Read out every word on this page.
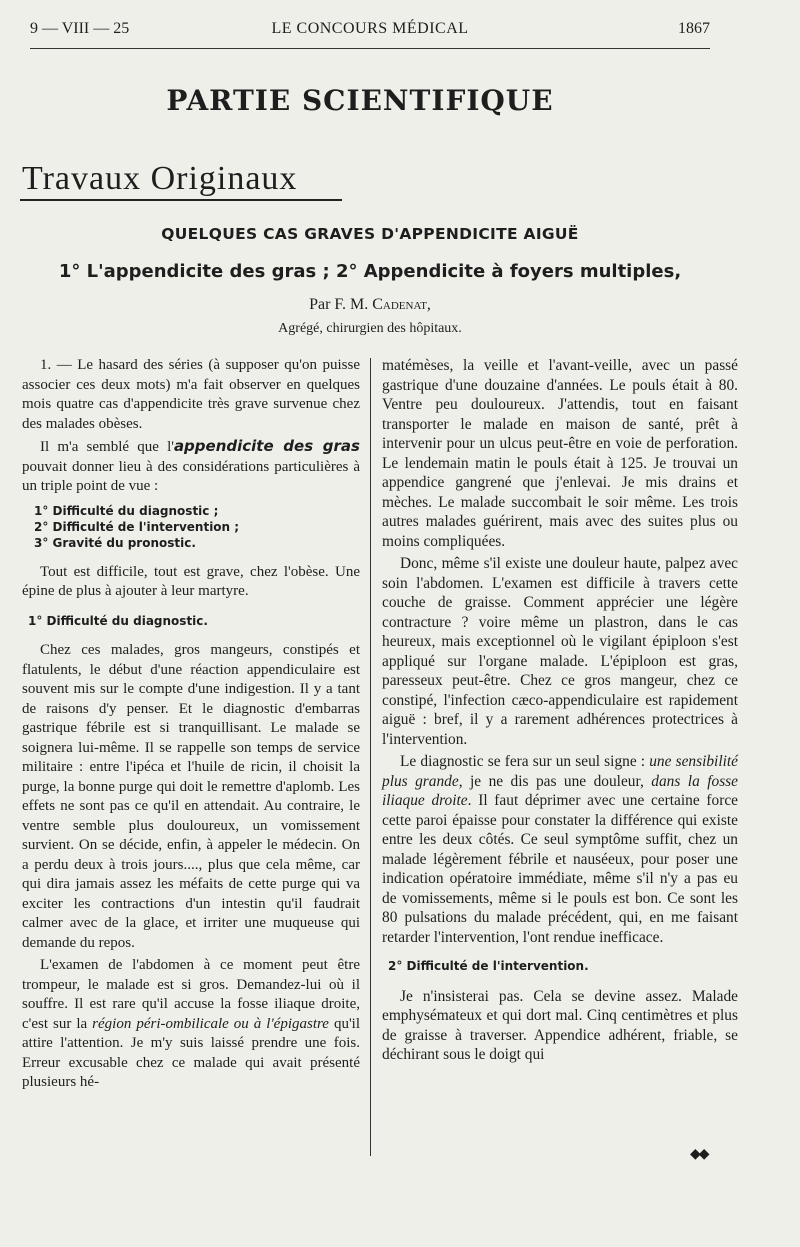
9 — VIII — 25	LE CONCOURS MÉDICAL	1867
PARTIE SCIENTIFIQUE
Travaux Originaux
QUELQUES CAS GRAVES D'APPENDICITE AIGUË
1° L'appendicite des gras ; 2° Appendicite à foyers multiples,
Par F. M. Cadenat,
Agrégé, chirurgien des hôpitaux.

1. — Le hasard des séries (à supposer qu'on puisse associer ces deux mots) m'a fait observer en quelques mois quatre cas d'appendicite très grave survenue chez des malades obèses.

Il m'a semblé que l'appendicite des gras pouvait donner lieu à des considérations particulières à un triple point de vue :

1° Difficulté du diagnostic ;
2° Difficulté de l'intervention ;
3° Gravité du pronostic.

Tout est difficile, tout est grave, chez l'obèse. Une épine de plus à ajouter à leur martyre.

1° Difficulté du diagnostic.

Chez ces malades, gros mangeurs, constipés et flatulents, le début d'une réaction appendiculaire est souvent mis sur le compte d'une indigestion. Il y a tant de raisons d'y penser. Et le diagnostic d'embarras gastrique fébrile est si tranquillisant. Le malade se soignera lui-même. Il se rappelle son temps de service militaire : entre l'ipéca et l'huile de ricin, il choisit la purge, la bonne purge qui doit le remettre d'aplomb. Les effets ne sont pas ce qu'il en attendait. Au contraire, le ventre semble plus douloureux, un vomissement survient. On se décide, enfin, à appeler le médecin. On a perdu deux à trois jours...., plus que cela même, car qui dira jamais assez les méfaits de cette purge qui va exciter les contractions d'un intestin qu'il faudrait calmer avec de la glace, et irriter une muqueuse qui demande du repos.

L'examen de l'abdomen à ce moment peut être trompeur, le malade est si gros. Demandez-lui où il souffre. Il est rare qu'il accuse la fosse iliaque droite, c'est sur la région péri-ombilicale ou à l'épigastre qu'il attire l'attention. Je m'y suis laissé prendre une fois. Erreur excusable chez ce malade qui avait présenté plusieurs hé-

matémèses, la veille et l'avant-veille, avec un passé gastrique d'une douzaine d'années. Le pouls était à 80. Ventre peu douloureux. J'attendis, tout en faisant transporter le malade en maison de santé, prêt à intervenir pour un ulcus peut-être en voie de perforation. Le lendemain matin le pouls était à 125. Je trouvai un appendice gangrené que j'enlevai. Je mis drains et mèches. Le malade succombait le soir même. Les trois autres malades guérirent, mais avec des suites plus ou moins compliquées.

Donc, même s'il existe une douleur haute, palpez avec soin l'abdomen. L'examen est difficile à travers cette couche de graisse. Comment apprécier une légère contracture ? voire même un plastron, dans le cas heureux, mais exceptionnel où le vigilant épiploon s'est appliqué sur l'organe malade. L'épiploon est gras, paresseux peut-être. Chez ce gros mangeur, chez ce constipé, l'infection cæco-appendiculaire est rapidement aiguë : bref, il y a rarement adhérences protectrices à l'intervention.

Le diagnostic se fera sur un seul signe : une sensibilité plus grande, je ne dis pas une douleur, dans la fosse iliaque droite. Il faut déprimer avec une certaine force cette paroi épaisse pour constater la différence qui existe entre les deux côtés. Ce seul symptôme suffit, chez un malade légèrement fébrile et nauséeux, pour poser une indication opératoire immédiate, même s'il n'y a pas eu de vomissements, même si le pouls est bon. Ce sont les 80 pulsations du malade précédent, qui, en me faisant retarder l'intervention, l'ont rendue inefficace.

2° Difficulté de l'intervention.

Je n'insisterai pas. Cela se devine assez. Malade emphysémateux et qui dort mal. Cinq centimètres et plus de graisse à traverser. Appendice adhérent, friable, se déchirant sous le doigt qui

◆◆
